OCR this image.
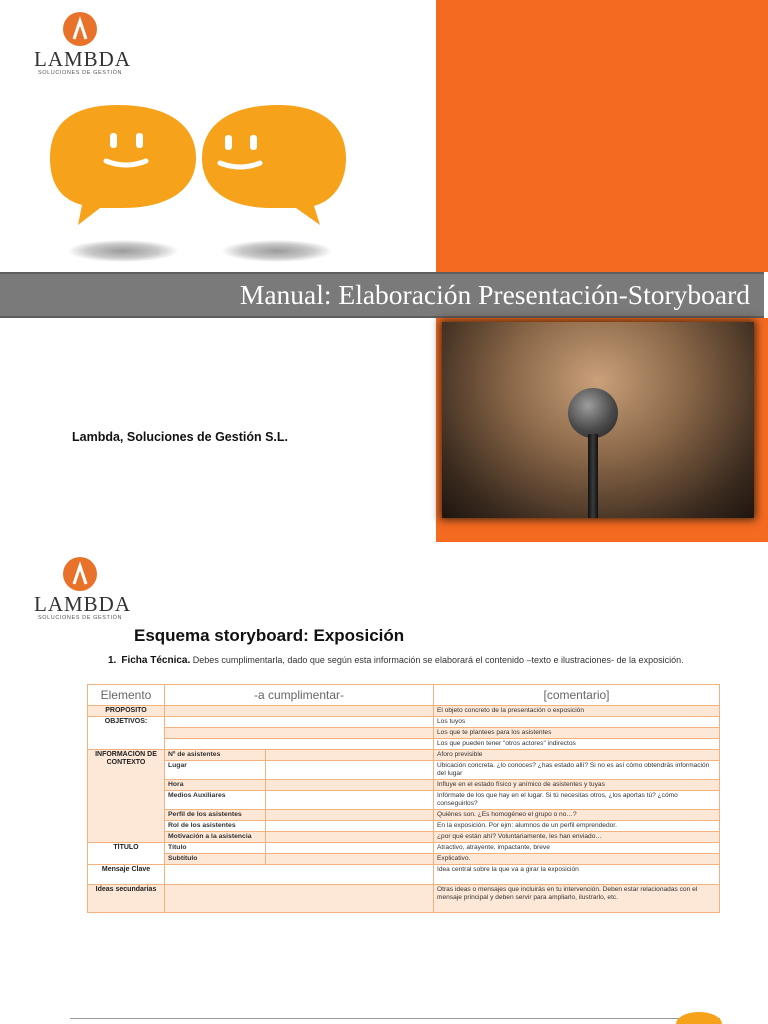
LAMBDA
SOLUCIONES DE GESTIÓN
Manual: Elaboración Presentación-Storyboard
Lambda, Soluciones de Gestión S.L.
LAMBDA
SOLUCIONES DE GESTIÓN
Esquema storyboard: Exposición
1. Ficha Técnica. Debes cumplimentarla, dado que según esta información se elaborará el contenido –texto e ilustraciones- de la exposición.
Elemento	-a cumplimentar-		[comentario]
PROPÓSITO			El objeto concreto de la presentación o exposición
OBJETIVOS:			Los tuyos
			Los que te plantees para los asistentes
			Los que pueden tener "otros actores" indirectos
INFORMACIÓN DE CONTEXTO	Nº de asistentes		Aforo previsible
	Lugar		Ubicación concreta. ¿lo conoces? ¿has estado allí? Si no es así cómo obtendrás información del lugar
	Hora		Influye en el estado físico y anímico de asistentes y tuyas
	Medios Auxiliares		Infórmate de los que hay en el lugar. Si tú necesitas otros, ¿los aportas tú? ¿cómo conseguirlos?
	Perfil de los asistentes		Quiénes son. ¿Es homogéneo el grupo o no…?
	Rol de los asistentes		En la exposición. Por ejm: alumnos de un perfil emprendedor.
	Motivación a la asistencia		¿por qué están ahí? Voluntariamente, les han enviado…
TÍTULO	Título		Atractivo, atrayente, impactante, breve
	Subtítulo		Explicativo.
Mensaje Clave			Idea central sobre la que va a girar la exposición
Ideas secundarias			Otras ideas o mensajes que incluirás en tu intervención. Deben estar relacionadas con el mensaje principal y deben servir para ampliarlo, ilustrarlo, etc.
